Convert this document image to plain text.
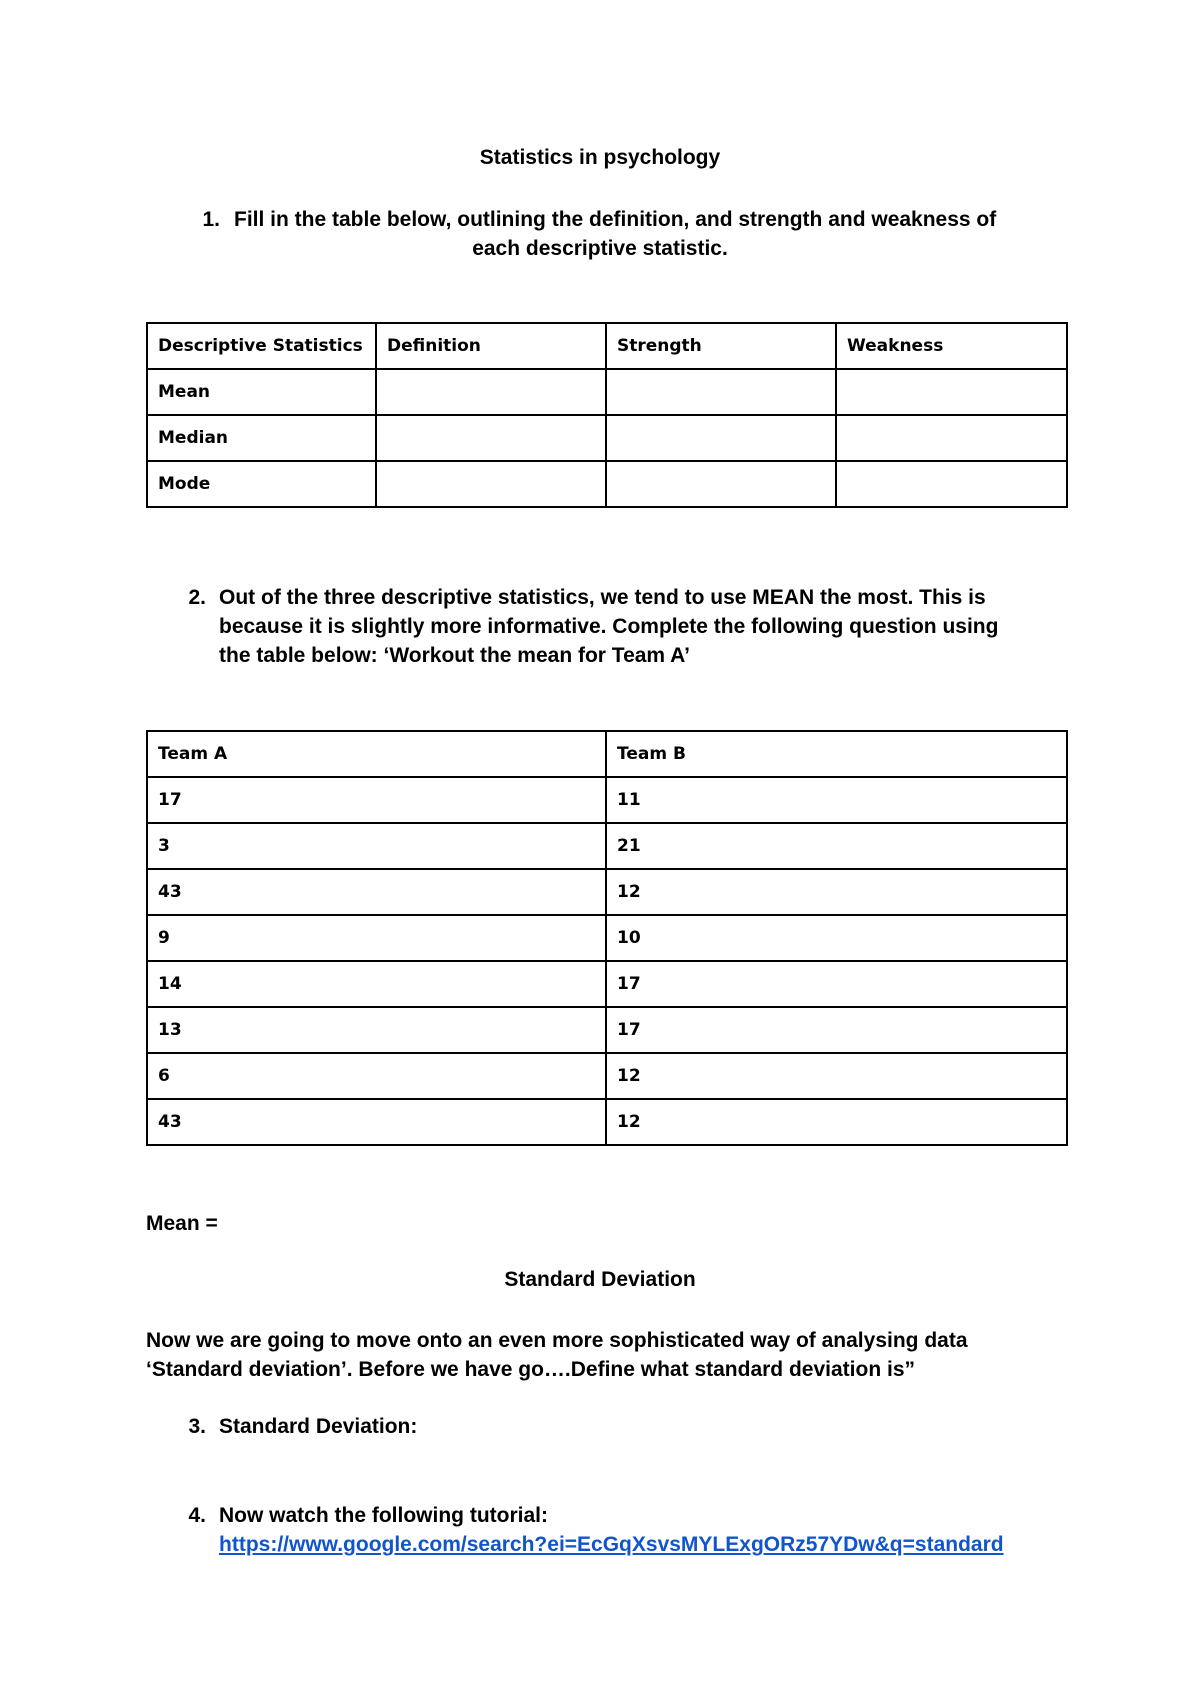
Statistics in psychology
1. Fill in the table below, outlining the definition, and strength and weakness of
each descriptive statistic.
Descriptive Statistics	Definition	Strength	Weakness
Mean			
Median			
Mode			
2. Out of the three descriptive statistics, we tend to use MEAN the most. This is
because it is slightly more informative. Complete the following question using
the table below: ‘Workout the mean for Team A’
Team A	Team B
17	11
3	21
43	12
9	10
14	17
13	17
6	12
43	12
Mean =
Standard Deviation
Now we are going to move onto an even more sophisticated way of analysing data
‘Standard deviation’. Before we have go….Define what standard deviation is”
3. Standard Deviation:
4. Now watch the following tutorial:
https://www.google.com/search?ei=EcGqXsvsMYLExgORz57YDw&q=standard
